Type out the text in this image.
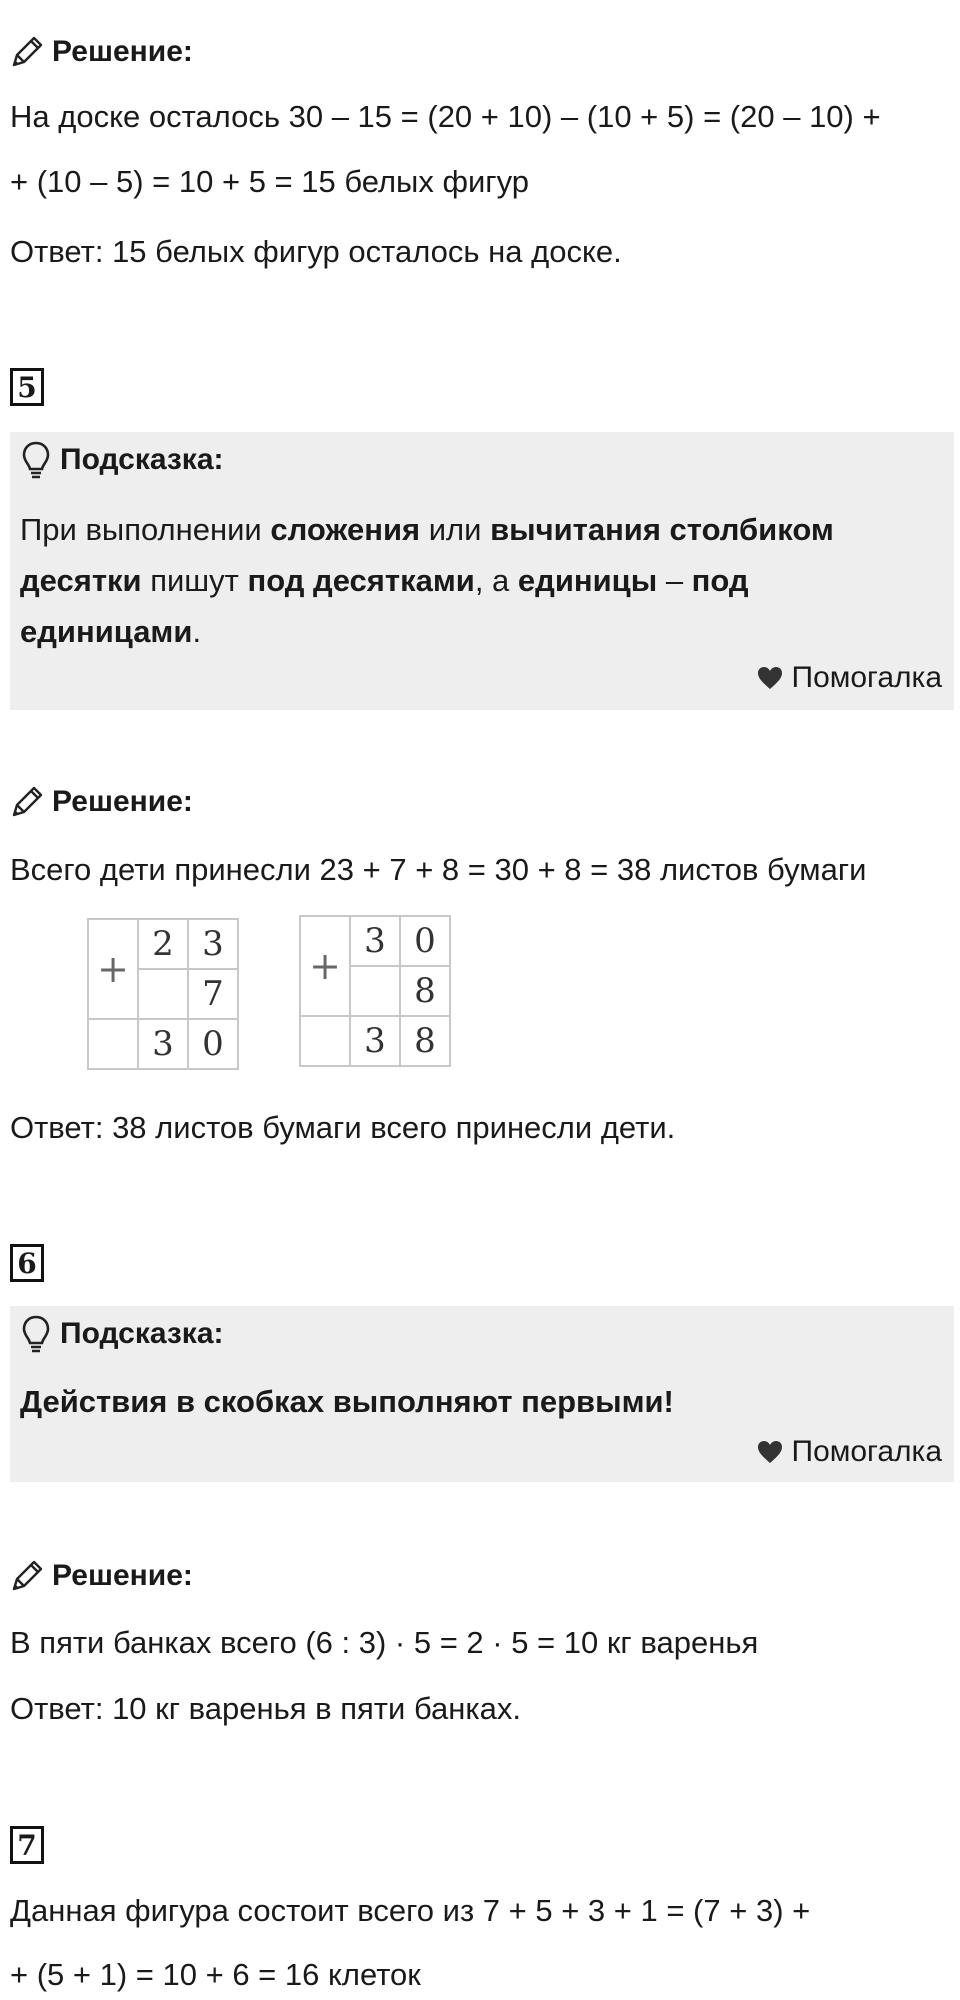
Решение:
На доске осталось 30 – 15 = (20 + 10) – (10 + 5) = (20 – 10) +
+ (10 – 5) = 10 + 5 = 15 белых фигур
Ответ: 15 белых фигур осталось на доске.
5
Подсказка:
При выполнении сложения или вычитания столбиком десятки пишут под десятками, а единицы – под единицами.
Помогалка
Решение:
Всего дети принесли 23 + 7 + 8 = 30 + 8 = 38 листов бумаги
+	2	3
		7
	3	0
+	3	0
		8
	3	8
Ответ: 38 листов бумаги всего принесли дети.
6
Подсказка:
Действия в скобках выполняют первыми!
Помогалка
Решение:
В пяти банках всего (6 : 3) · 5 = 2 · 5 = 10 кг варенья
Ответ: 10 кг варенья в пяти банках.
7
Данная фигура состоит всего из 7 + 5 + 3 + 1 = (7 + 3) +
+ (5 + 1) = 10 + 6 = 16 клеток
